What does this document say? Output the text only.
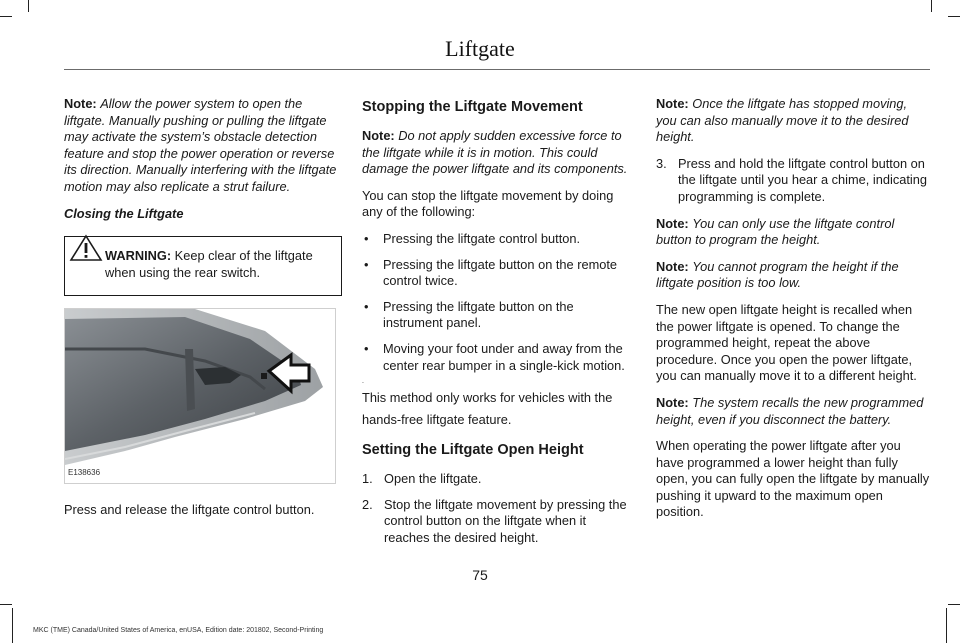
Liftgate

Note: Allow the power system to open the liftgate. Manually pushing or pulling the liftgate may activate the system’s obstacle detection feature and stop the power operation or reverse its direction. Manually interfering with the liftgate motion may also replicate a strut failure.

Closing the Liftgate

WARNING: Keep clear of the liftgate when using the rear switch.
E138636

Press and release the liftgate control button.

Stopping the Liftgate Movement

Note: Do not apply sudden excessive force to the liftgate while it is in motion. This could damage the power liftgate and its components.

You can stop the liftgate movement by doing any of the following:

• Pressing the liftgate control button.
• Pressing the liftgate button on the remote control twice.
• Pressing the liftgate button on the instrument panel.
• Moving your foot under and away from the center rear bumper in a single-kick motion.
.

This method only works for vehicles with the hands-free liftgate feature.

Setting the Liftgate Open Height
1. Open the liftgate.
2. Stop the liftgate movement by pressing the control button on the liftgate when it reaches the desired height.

Note: Once the liftgate has stopped moving, you can also manually move it to the desired height.

3. Press and hold the liftgate control button on the liftgate until you hear a chime, indicating programming is complete.

Note: You can only use the liftgate control button to program the height.

Note: You cannot program the height if the liftgate position is too low.

The new open liftgate height is recalled when the power liftgate is opened. To change the programmed height, repeat the above procedure. Once you open the power liftgate, you can manually move it to a different height.

Note: The system recalls the new programmed height, even if you disconnect the battery.

When operating the power liftgate after you have programmed a lower height than fully open, you can fully open the liftgate by manually pushing it upward to the maximum open position.

75
MKC (TME) Canada/United States of America, enUSA, Edition date: 201802, Second-Printing
